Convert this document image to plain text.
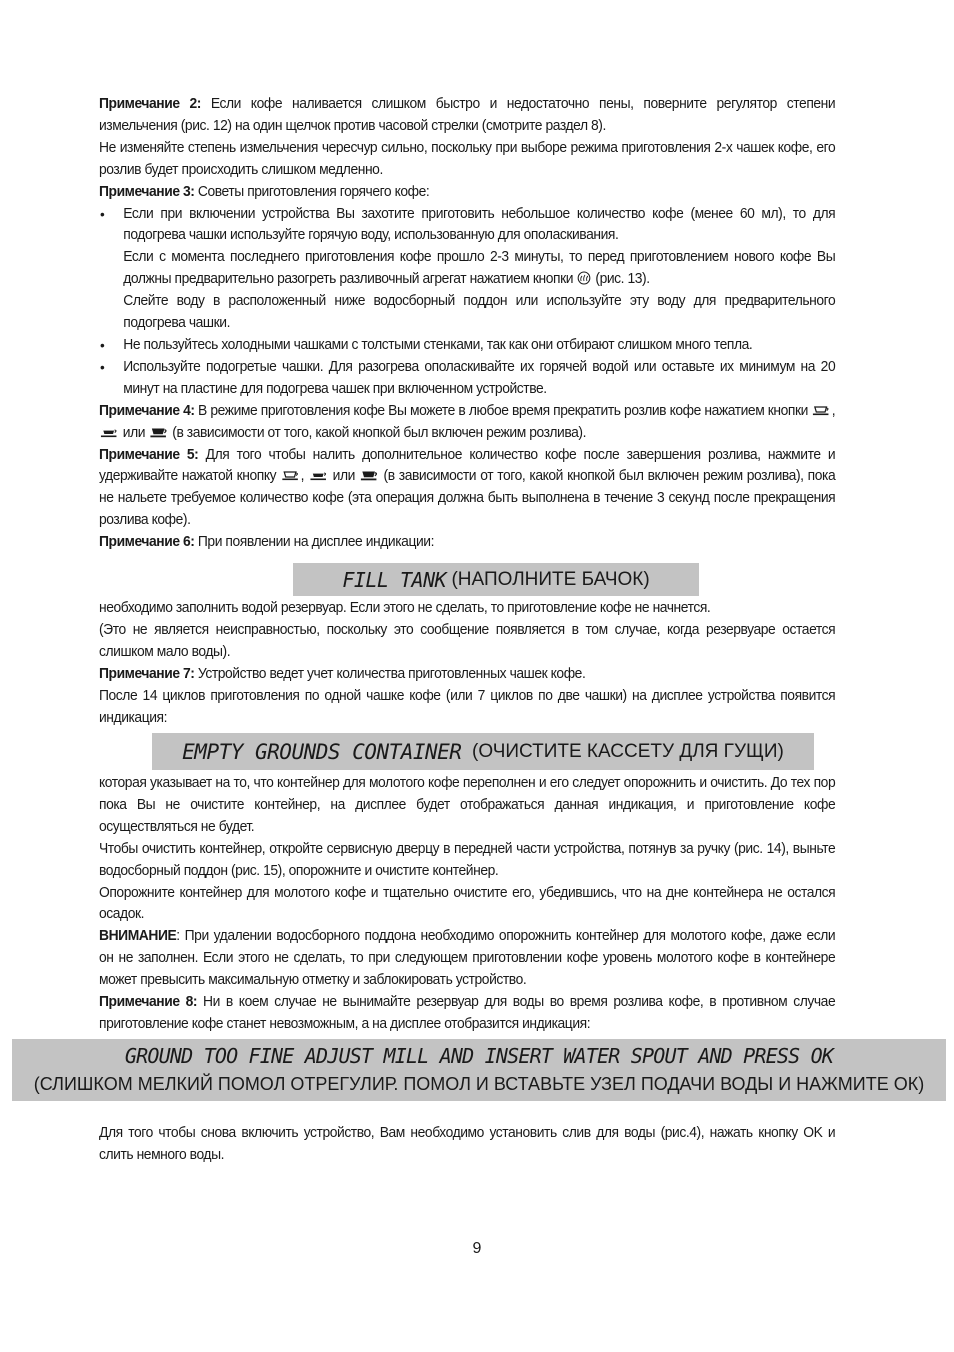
Примечание 2: Если кофе наливается слишком быстро и недостаточно пены, поверните регулятор степени измельчения (рис. 12) на один щелчок против часовой стрелки (смотрите раздел 8).

Не изменяйте степень измельчения чересчур сильно, поскольку при выборе режима приготовления 2-х чашек кофе, его розлив будет происходить слишком медленно.

Примечание 3: Советы приготовления горячего кофе:

• Если при включении устройства Вы захотите приготовить небольшое количество кофе (менее 60 мл), то для подогрева чашки используйте горячую воду, использованную для ополаскивания.

Если с момента последнего приготовления кофе прошло 2-3 минуты, то перед приготовлением нового кофе Вы должны предварительно разогреть разливочный агрегат нажатием кнопки  (рис. 13).

Слейте воду в расположенный ниже водосборный поддон или используйте эту воду для предварительного подогрева чашки.

• Не пользуйтесь холодными чашками с толстыми стенками, так как они отбирают слишком много тепла.

• Используйте подогретые чашки. Для разогрева ополаскивайте их горячей водой или оставьте их минимум на 20 минут на пластине для подогрева чашек при включенном устройстве.

Примечание 4: В режиме приготовления кофе Вы можете в любое время прекратить розлив кофе нажатием кнопки ,  или  (в зависимости от того, какой кнопкой был включен режим розлива).

Примечание 5: Для того чтобы налить дополнительное количество кофе после завершения розлива, нажмите и удерживайте нажатой кнопку ,  или  (в зависимости от того, какой кнопкой был включен режим розлива), пока не нальете требуемое количество кофе (эта операция должна быть выполнена в течение 3 секунд после прекращения розлива кофе).

Примечание 6: При появлении на дисплее индикации:

FILL TANK (НАПОЛНИТЕ БАЧОК)

необходимо заполнить водой резервуар. Если этого не сделать, то приготовление кофе не начнется.

(Это не является неисправностью, поскольку это сообщение появляется в том случае, когда резервуаре остается слишком мало воды).

Примечание 7: Устройство ведет учет количества приготовленных чашек кофе.

После 14 циклов приготовления по одной чашке кофе (или 7 циклов по две чашки) на дисплее устройства появится индикация:

EMPTY GROUNDS CONTAINER (ОЧИСТИТЕ КАССЕТУ ДЛЯ ГУЩИ)

которая указывает на то, что контейнер для молотого кофе переполнен и его следует опорожнить и очистить. До тех пор пока Вы не очистите контейнер, на дисплее будет отображаться данная индикация, и приготовление кофе осуществляться не будет.

Чтобы очистить контейнер, откройте сервисную дверцу в передней части устройства, потянув за ручку (рис. 14), выньте водосборный поддон (рис. 15), опорожните и очистите контейнер.

Опорожните контейнер для молотого кофе и тщательно очистите его, убедившись, что на дне контейнера не остался осадок.

ВНИМАНИЕ: При удалении водосборного поддона необходимо опорожнить контейнер для молотого кофе, даже если он не заполнен. Если этого не сделать, то при следующем приготовлении кофе уровень молотого кофе в контейнере может превысить максимальную отметку и заблокировать устройство.

Примечание 8: Ни в коем случае не вынимайте резервуар для воды во время розлива кофе, в противном случае приготовление кофе станет невозможным, а на дисплее отобразится индикация:

GROUND TOO FINE ADJUST MILL AND INSERT WATER SPOUT AND PRESS OK
(СЛИШКОМ МЕЛКИЙ ПОМОЛ ОТРЕГУЛИР. ПОМОЛ И ВСТАВЬТЕ УЗЕЛ ПОДАЧИ ВОДЫ И НАЖМИТЕ ОК)

Для того чтобы снова включить устройство, Вам необходимо установить слив для воды (рис.4), нажать кнопку OK и слить немного воды.

9
